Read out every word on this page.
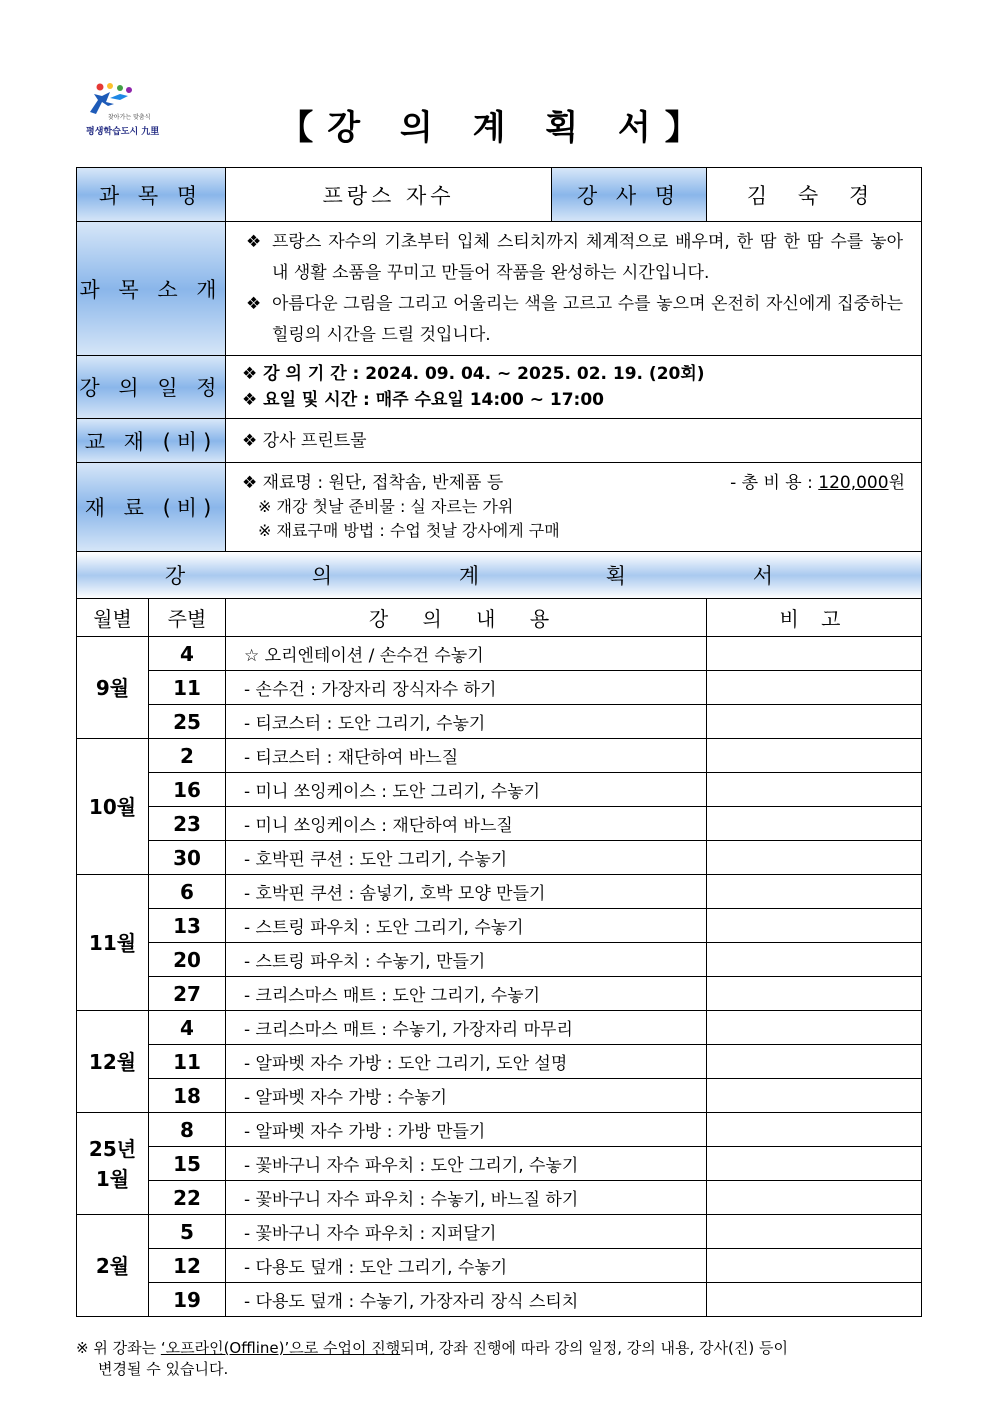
찾아가는 맞춤식
평생학습도시 九里	【강 의 계 획 서】
과 목 명		프랑스 자수	강 사 명	김 숙 경
과 목 소 개		❖ 프랑스 자수의 기초부터 입체 스티치까지 체계적으로 배우며, 한 땀 한 땀 수를 놓아 내 생활 소품을 꾸미고 만들어 작품을 완성하는 시간입니다.
❖ 아름다운 그림을 그리고 어울리는 색을 고르고 수를 놓으며 온전히 자신에게 집중하는 힐링의 시간을 드릴 것입니다.		

강 의 일 정		❖ 강 의 기 간 : 2024. 09. 04. ~ 2025. 02. 19. (20회)
❖ 요일 및 시간 : 매주 수요일 14:00 ~ 17:00		

교 재 (비)		❖ 강사 프린트물		
재 료 (비)		❖ 재료명 : 원단, 접착솜, 반제품 등 - 총 비 용 : 120,000원
※ 개강 첫날 준비물 : 실 자르는 가위
※ 재료구매 방법 : 수업 첫날 강사에게 구매		

강 의 계 획 서				
월별	주별	강 의 내 용		비 고
9월	4	☆ 오리엔테이션 / 손수건 수놓기		
	11	- 손수건 : 가장자리 장식자수 하기		
	25	- 티코스터 : 도안 그리기, 수놓기		
10월	2	- 티코스터 : 재단하여 바느질		
	16	- 미니 쏘잉케이스 : 도안 그리기, 수놓기		
	23	- 미니 쏘잉케이스 : 재단하여 바느질		
	30	- 호박핀 쿠션 : 도안 그리기, 수놓기		
11월	6	- 호박핀 쿠션 : 솜넣기, 호박 모양 만들기		
	13	- 스트링 파우치 : 도안 그리기, 수놓기		
	20	- 스트링 파우치 : 수놓기, 만들기		
	27	- 크리스마스 매트 : 도안 그리기, 수놓기		
12월	4	- 크리스마스 매트 : 수놓기, 가장자리 마무리		
	11	- 알파벳 자수 가방 : 도안 그리기, 도안 설명		
	18	- 알파벳 자수 가방 : 수놓기		
25년
1월	8	- 알파벳 자수 가방 : 가방 만들기		
	15	- 꽃바구니 자수 파우치 : 도안 그리기, 수놓기		
	22	- 꽃바구니 자수 파우치 : 수놓기, 바느질 하기		
2월	5	- 꽃바구니 자수 파우치 : 지퍼달기		
	12	- 다용도 덮개 : 도안 그리기, 수놓기		
	19	- 다용도 덮개 : 수놓기, 가장자리 장식 스티치		
※ 위 강좌는 ‘오프라인(Offline)’으로 수업이 진행되며, 강좌 진행에 따라 강의 일정, 강의 내용, 강사(진) 등이
변경될 수 있습니다.
